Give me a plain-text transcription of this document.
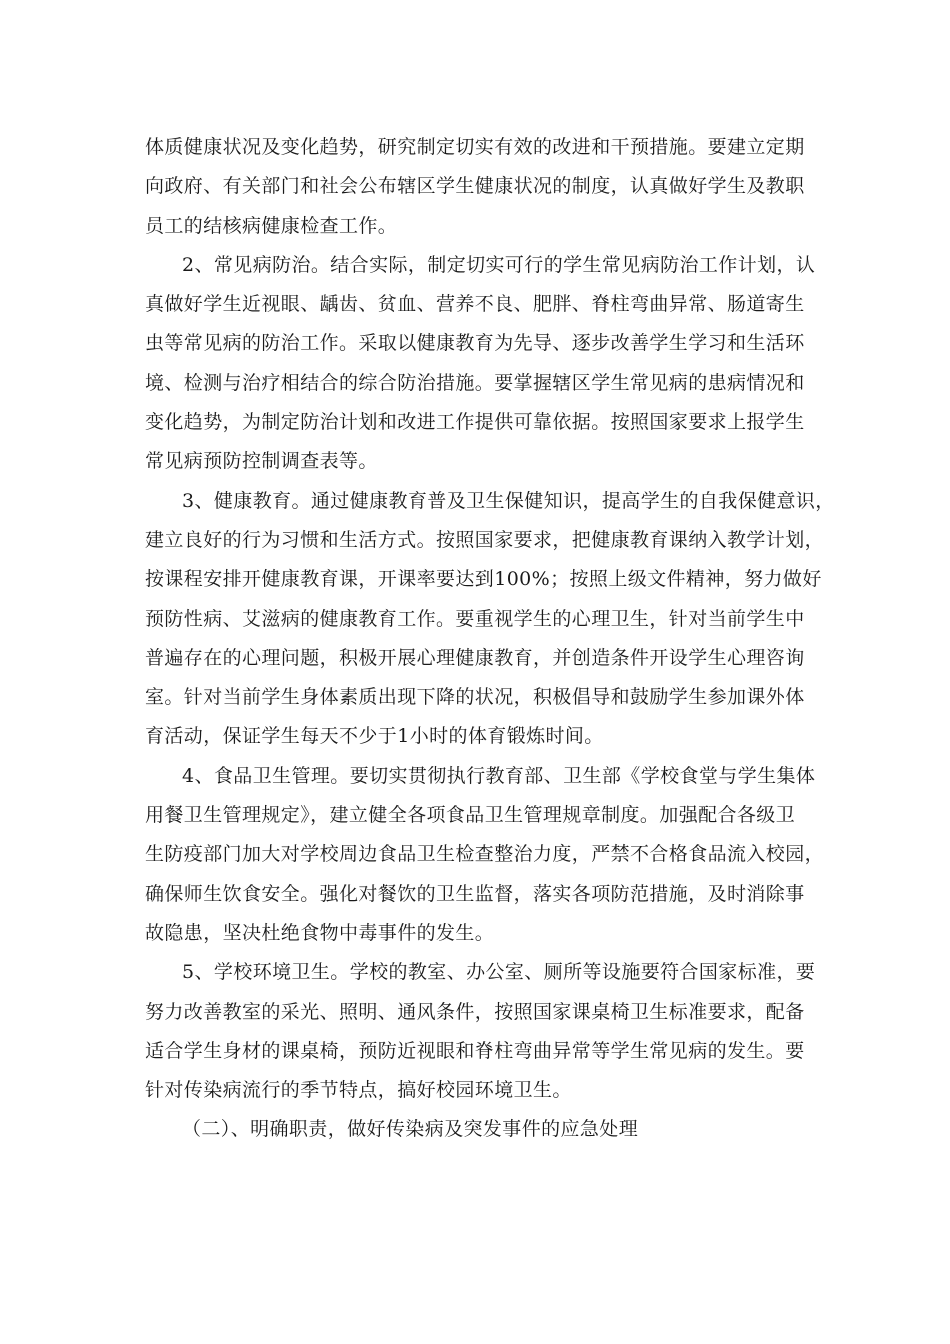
体质健康状况及变化趋势，研究制定切实有效的改进和干预措施。要建立定期
向政府、有关部门和社会公布辖区学生健康状况的制度，认真做好学生及教职
员工的结核病健康检查工作。
2、常见病防治。结合实际，制定切实可行的学生常见病防治工作计划，认
真做好学生近视眼、龋齿、贫血、营养不良、肥胖、脊柱弯曲异常、肠道寄生
虫等常见病的防治工作。采取以健康教育为先导、逐步改善学生学习和生活环
境、检测与治疗相结合的综合防治措施。要掌握辖区学生常见病的患病情况和
变化趋势，为制定防治计划和改进工作提供可靠依据。按照国家要求上报学生
常见病预防控制调查表等。
3、健康教育。通过健康教育普及卫生保健知识，提高学生的自我保健意识，
建立良好的行为习惯和生活方式。按照国家要求，把健康教育课纳入教学计划，
按课程安排开健康教育课，开课率要达到100%；按照上级文件精神，努力做好
预防性病、艾滋病的健康教育工作。要重视学生的心理卫生，针对当前学生中
普遍存在的心理问题，积极开展心理健康教育，并创造条件开设学生心理咨询
室。针对当前学生身体素质出现下降的状况，积极倡导和鼓励学生参加课外体
育活动，保证学生每天不少于1小时的体育锻炼时间。
4、食品卫生管理。要切实贯彻执行教育部、卫生部《学校食堂与学生集体
用餐卫生管理规定》，建立健全各项食品卫生管理规章制度。加强配合各级卫
生防疫部门加大对学校周边食品卫生检查整治力度，严禁不合格食品流入校园，
确保师生饮食安全。强化对餐饮的卫生监督，落实各项防范措施，及时消除事
故隐患，坚决杜绝食物中毒事件的发生。
5、学校环境卫生。学校的教室、办公室、厕所等设施要符合国家标准，要
努力改善教室的采光、照明、通风条件，按照国家课桌椅卫生标准要求，配备
适合学生身材的课桌椅，预防近视眼和脊柱弯曲异常等学生常见病的发生。要
针对传染病流行的季节特点，搞好校园环境卫生。
（二）、明确职责，做好传染病及突发事件的应急处理
